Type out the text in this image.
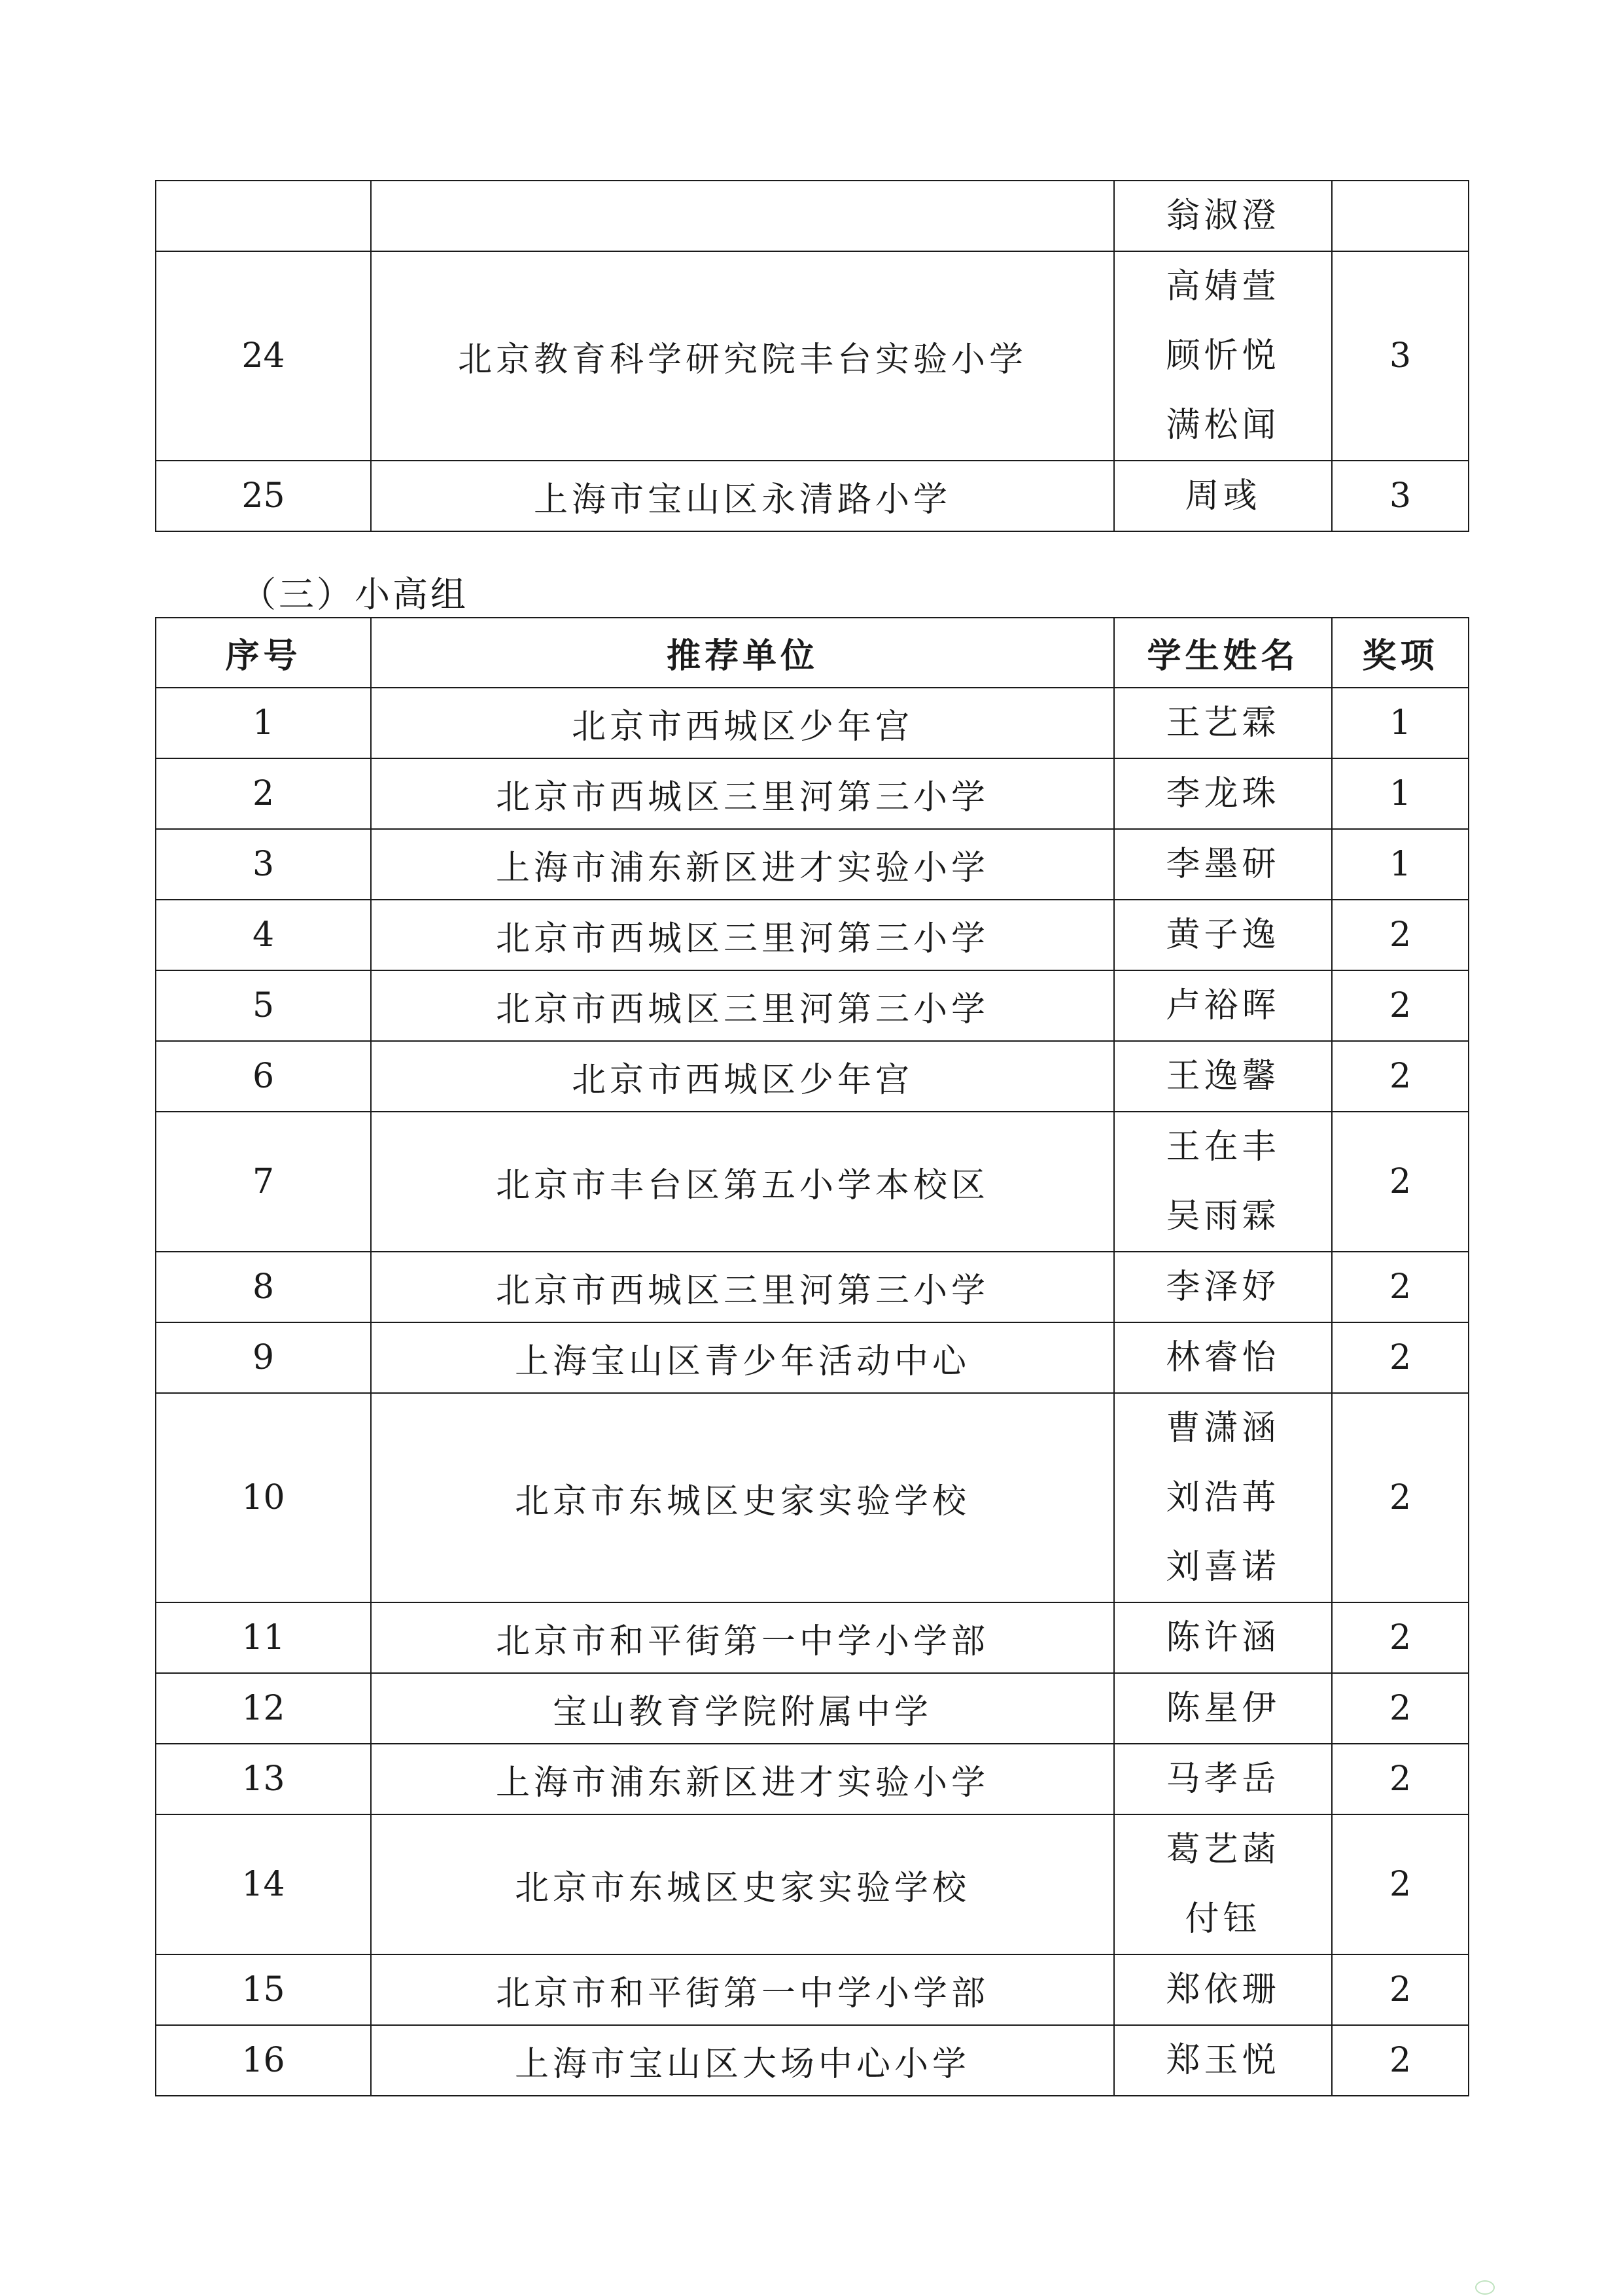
		翁淑澄	

24	北京教育科学研究院丰台实验小学	高婧萱
顾忻悦
满松闻	3
25	上海市宝山区永清路小学	周彧	3
（三）小高组
序号	推荐单位	学生姓名	奖项
1	北京市西城区少年宫	王艺霖	1
2	北京市西城区三里河第三小学	李龙珠	1
3	上海市浦东新区进才实验小学	李墨研	1
4	北京市西城区三里河第三小学	黄子逸	2
5	北京市西城区三里河第三小学	卢裕晖	2
6	北京市西城区少年宫	王逸馨	2
7	北京市丰台区第五小学本校区	王在丰
吴雨霖	2
8	北京市西城区三里河第三小学	李泽妤	2
9	上海宝山区青少年活动中心	林睿怡	2
10	北京市东城区史家实验学校	曹潇涵
刘浩苒
刘喜诺	2
11	北京市和平街第一中学小学部	陈许涵	2
12	宝山教育学院附属中学	陈星伊	2
13	上海市浦东新区进才实验小学	马孝岳	2
14	北京市东城区史家实验学校	葛艺菡
付钰	2
15	北京市和平街第一中学小学部	郑依珊	2
16	上海市宝山区大场中心小学	郑玉悦	2
